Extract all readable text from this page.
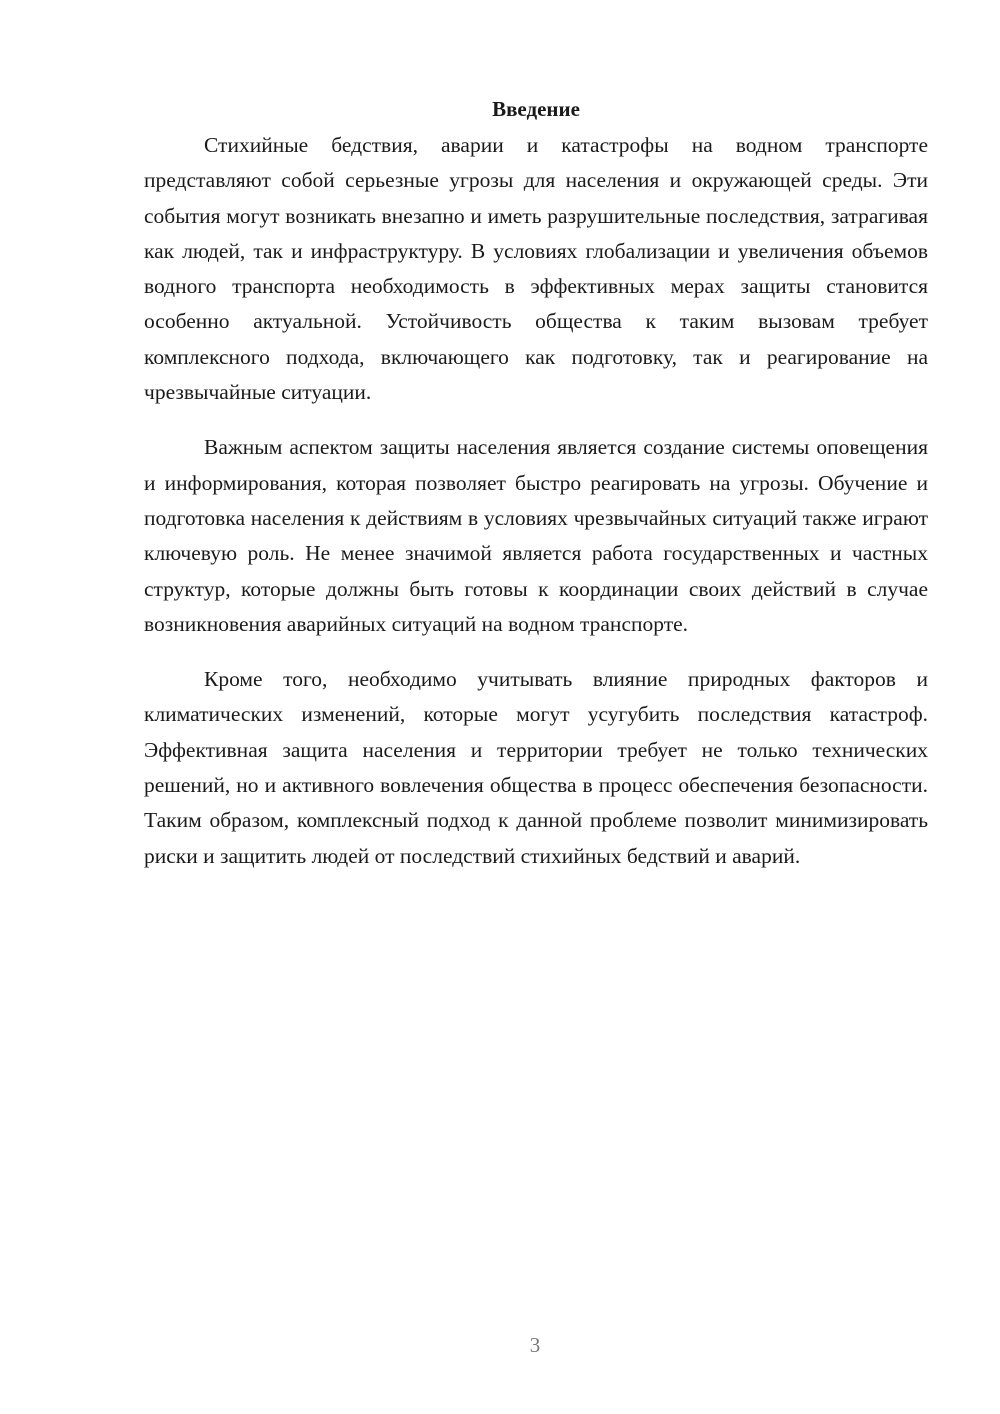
Введение

Стихийные бедствия, аварии и катастрофы на водном транспорте представляют собой серьезные угрозы для населения и окружающей среды. Эти события могут возникать внезапно и иметь разрушительные последствия, затрагивая как людей, так и инфраструктуру. В условиях глобализации и увеличения объемов водного транспорта необходимость в эффективных мерах защиты становится особенно актуальной. Устойчивость общества к таким вызовам требует комплексного подхода, включающего как подготовку, так и реагирование на чрезвычайные ситуации.

Важным аспектом защиты населения является создание системы оповещения и информирования, которая позволяет быстро реагировать на угрозы. Обучение и подготовка населения к действиям в условиях чрезвычайных ситуаций также играют ключевую роль. Не менее значимой является работа государственных и частных структур, которые должны быть готовы к координации своих действий в случае возникновения аварийных ситуаций на водном транспорте.

Кроме того, необходимо учитывать влияние природных факторов и климатических изменений, которые могут усугубить последствия катастроф. Эффективная защита населения и территории требует не только технических решений, но и активного вовлечения общества в процесс обеспечения безопасности. Таким образом, комплексный подход к данной проблеме позволит минимизировать риски и защитить людей от последствий стихийных бедствий и аварий.

3
